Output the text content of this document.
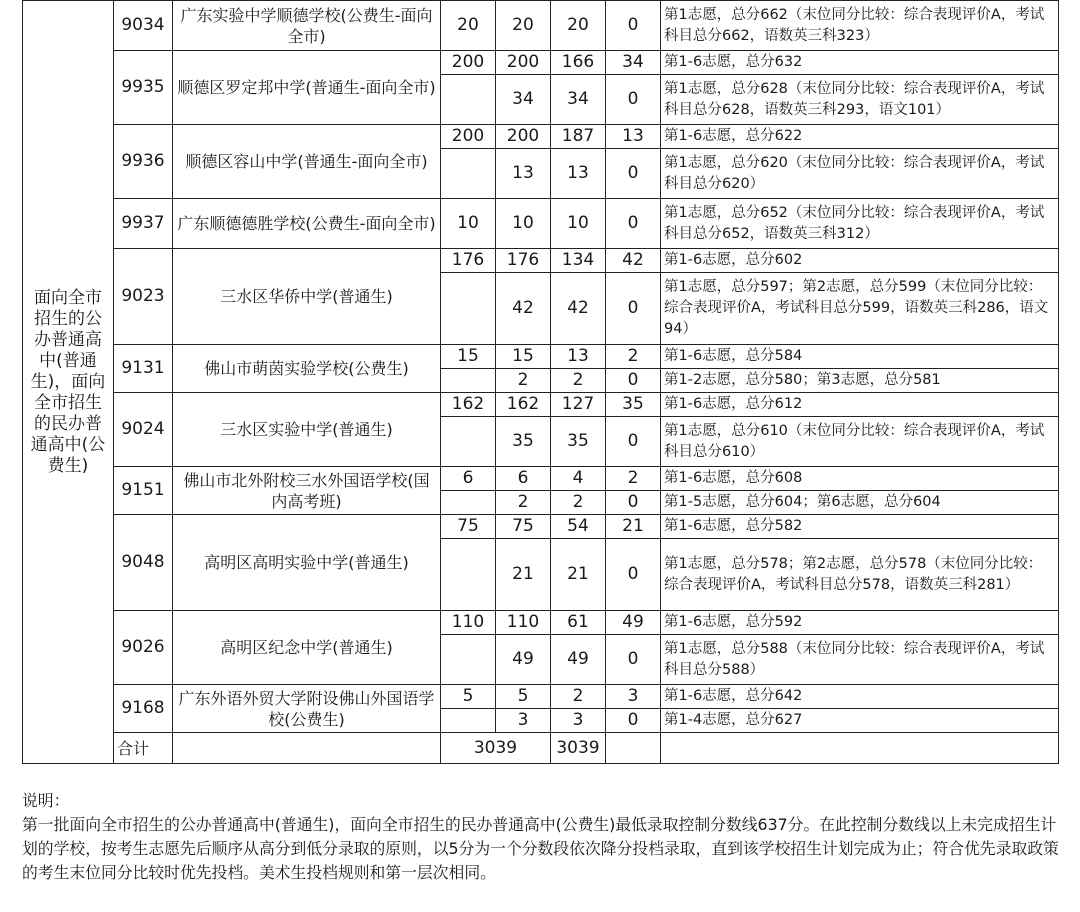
面向全市招生的公办普通高中(普通生)，面向全市招生的民办普通高中(公费生)	9034	广东实验中学顺德学校(公费生-面向全市)	20	20	20	0	第1志愿，总分662（末位同分比较：综合表现评价A，考试科目总分662，语数英三科323）
	9935	顺德区罗定邦中学(普通生-面向全市)	200	200	166	34	第1-6志愿，总分632
				34	34	0	第1志愿，总分628（末位同分比较：综合表现评价A，考试科目总分628，语数英三科293，语文101）
	9936	顺德区容山中学(普通生-面向全市)	200	200	187	13	第1-6志愿，总分622
				13	13	0	第1志愿，总分620（末位同分比较：综合表现评价A，考试科目总分620）
	9937	广东顺德德胜学校(公费生-面向全市)	10	10	10	0	第1志愿，总分652（末位同分比较：综合表现评价A，考试科目总分652，语数英三科312）
	9023	三水区华侨中学(普通生)	176	176	134	42	第1-6志愿，总分602
				42	42	0	第1志愿，总分597；第2志愿，总分599（末位同分比较：综合表现评价A，考试科目总分599，语数英三科286，语文94）
	9131	佛山市萌茵实验学校(公费生)	15	15	13	2	第1-6志愿，总分584
				2	2	0	第1-2志愿，总分580；第3志愿，总分581
	9024	三水区实验中学(普通生)	162	162	127	35	第1-6志愿，总分612
				35	35	0	第1志愿，总分610（末位同分比较：综合表现评价A，考试科目总分610）
	9151	佛山市北外附校三水外国语学校(国内高考班)	6	6	4	2	第1-6志愿，总分608
				2	2	0	第1-5志愿，总分604；第6志愿，总分604
	9048	高明区高明实验中学(普通生)	75	75	54	21	第1-6志愿，总分582
				21	21	0	第1志愿，总分578；第2志愿，总分578（末位同分比较：综合表现评价A，考试科目总分578，语数英三科281）
	9026	高明区纪念中学(普通生)	110	110	61	49	第1-6志愿，总分592
				49	49	0	第1志愿，总分588（末位同分比较：综合表现评价A，考试科目总分588）
	9168	广东外语外贸大学附设佛山外国语学校(公费生)	5	5	2	3	第1-6志愿，总分642
				3	3	0	第1-4志愿，总分627
	合计		3039		3039		

说明：

第一批面向全市招生的公办普通高中(普通生)，面向全市招生的民办普通高中(公费生)最低录取控制分数线637分。在此控制分数线以上未完成招生计划的学校，按考生志愿先后顺序从高分到低分录取的原则，以5分为一个分数段依次降分投档录取，直到该学校招生计划完成为止；符合优先录取政策的考生末位同分比较时优先投档。美术生投档规则和第一层次相同。
